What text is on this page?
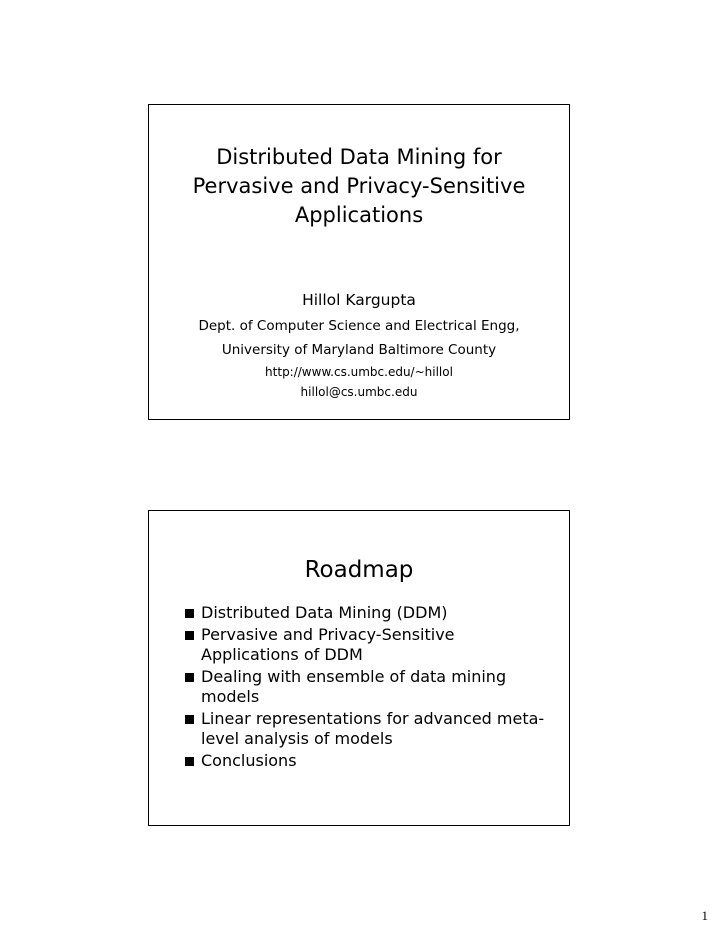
Distributed Data Mining for
Pervasive and Privacy-Sensitive
Applications
Hillol Kargupta
Dept. of Computer Science and Electrical Engg,
University of Maryland Baltimore County
http://www.cs.umbc.edu/~hillol
hillol@cs.umbc.edu
Roadmap
Distributed Data Mining (DDM)
Pervasive and Privacy-Sensitive Applications of DDM
Dealing with ensemble of data mining models
Linear representations for advanced meta-level analysis of models
Conclusions
1
